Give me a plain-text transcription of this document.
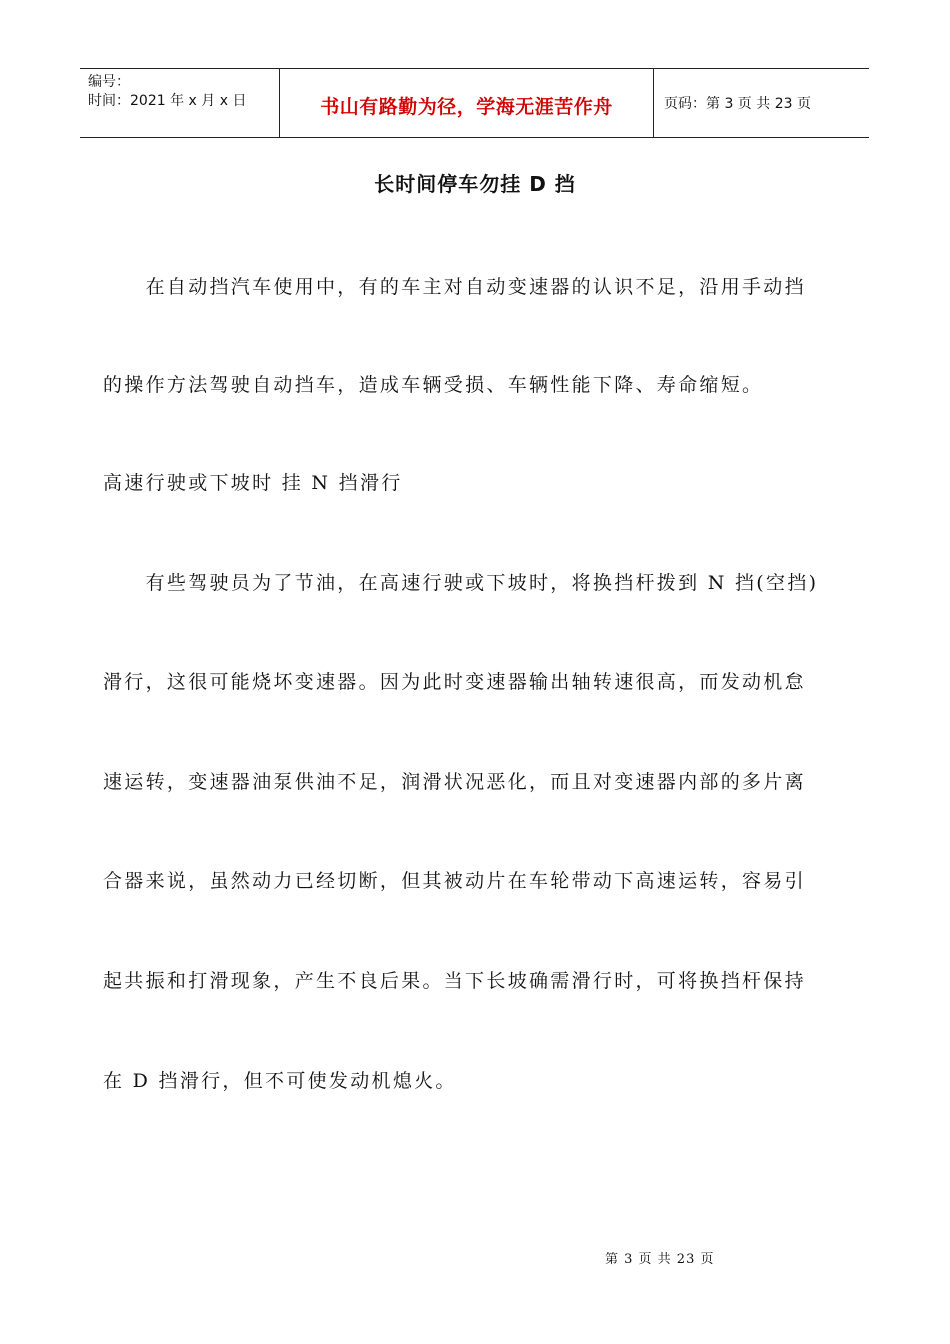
编号：
时间：2021 年 x 月 x 日	书山有路勤为径，学海无涯苦作舟	页码：第 3 页 共 23 页
长时间停车勿挂 D 挡
　　在自动挡汽车使用中，有的车主对自动变速器的认识不足，沿用手动挡
的操作方法驾驶自动挡车，造成车辆受损、车辆性能下降、寿命缩短。
高速行驶或下坡时 挂 N 挡滑行
　　有些驾驶员为了节油，在高速行驶或下坡时，将换挡杆拨到 N 挡(空挡)
滑行，这很可能烧坏变速器。因为此时变速器输出轴转速很高，而发动机怠
速运转，变速器油泵供油不足，润滑状况恶化，而且对变速器内部的多片离
合器来说，虽然动力已经切断，但其被动片在车轮带动下高速运转，容易引
起共振和打滑现象，产生不良后果。当下长坡确需滑行时，可将换挡杆保持
在 D 挡滑行，但不可使发动机熄火。
第 3 页 共 23 页
